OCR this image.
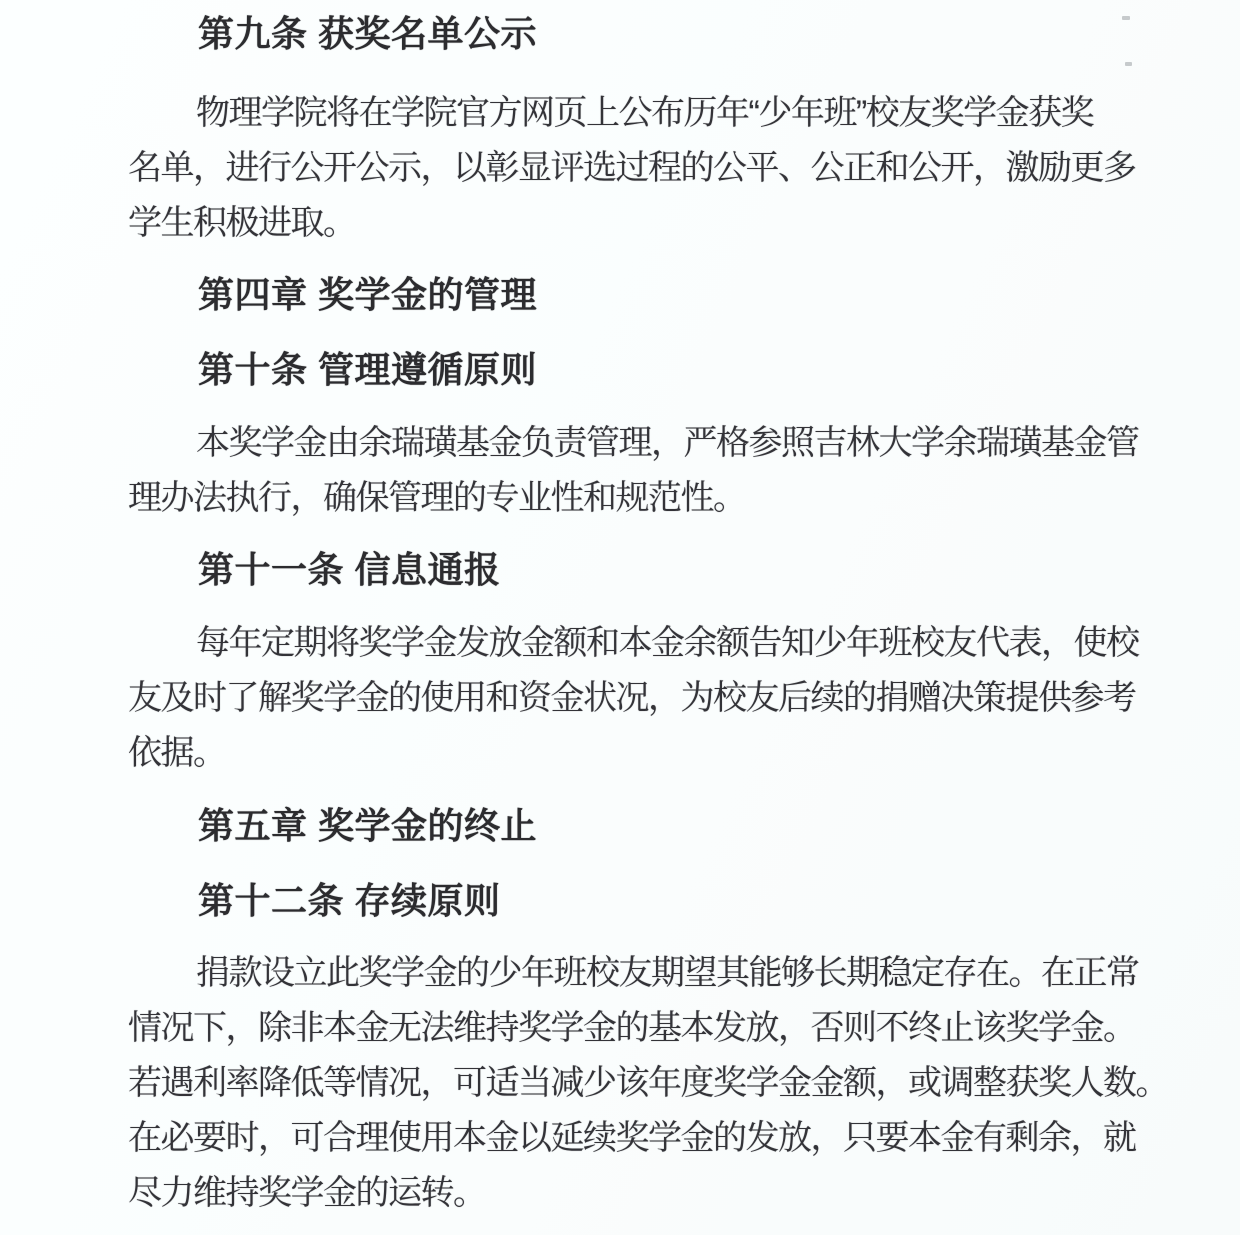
第九条 获奖名单公示
物理学院将在学院官方网页上公布历年“少年班”校友奖学金获奖
名单，进行公开公示，以彰显评选过程的公平、公正和公开，激励更多
学生积极进取。
第四章 奖学金的管理
第十条 管理遵循原则
本奖学金由余瑞璜基金负责管理，严格参照吉林大学余瑞璜基金管
理办法执行，确保管理的专业性和规范性。
第十一条 信息通报
每年定期将奖学金发放金额和本金余额告知少年班校友代表，使校
友及时了解奖学金的使用和资金状况，为校友后续的捐赠决策提供参考
依据。
第五章 奖学金的终止
第十二条 存续原则
捐款设立此奖学金的少年班校友期望其能够长期稳定存在。在正常
情况下，除非本金无法维持奖学金的基本发放，否则不终止该奖学金。
若遇利率降低等情况，可适当减少该年度奖学金金额，或调整获奖人数。
在必要时，可合理使用本金以延续奖学金的发放，只要本金有剩余，就
尽力维持奖学金的运转。
